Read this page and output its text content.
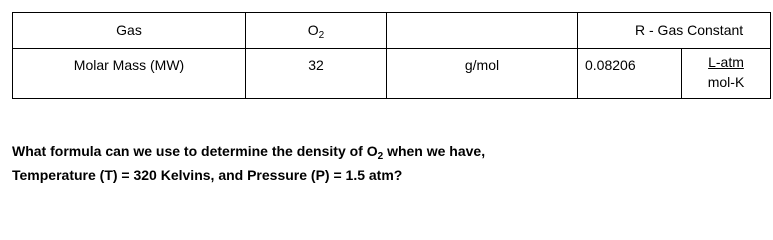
Gas	$O_2$		R - Gas Constant	
Molar Mass (MW)	32	g/mol	0.08206	L-atm
mol-K

What formula can we use to determine the density of $O_2$ when we have,

Temperature (T) = 320 Kelvins, and Pressure (P) = 1.5 atm?
